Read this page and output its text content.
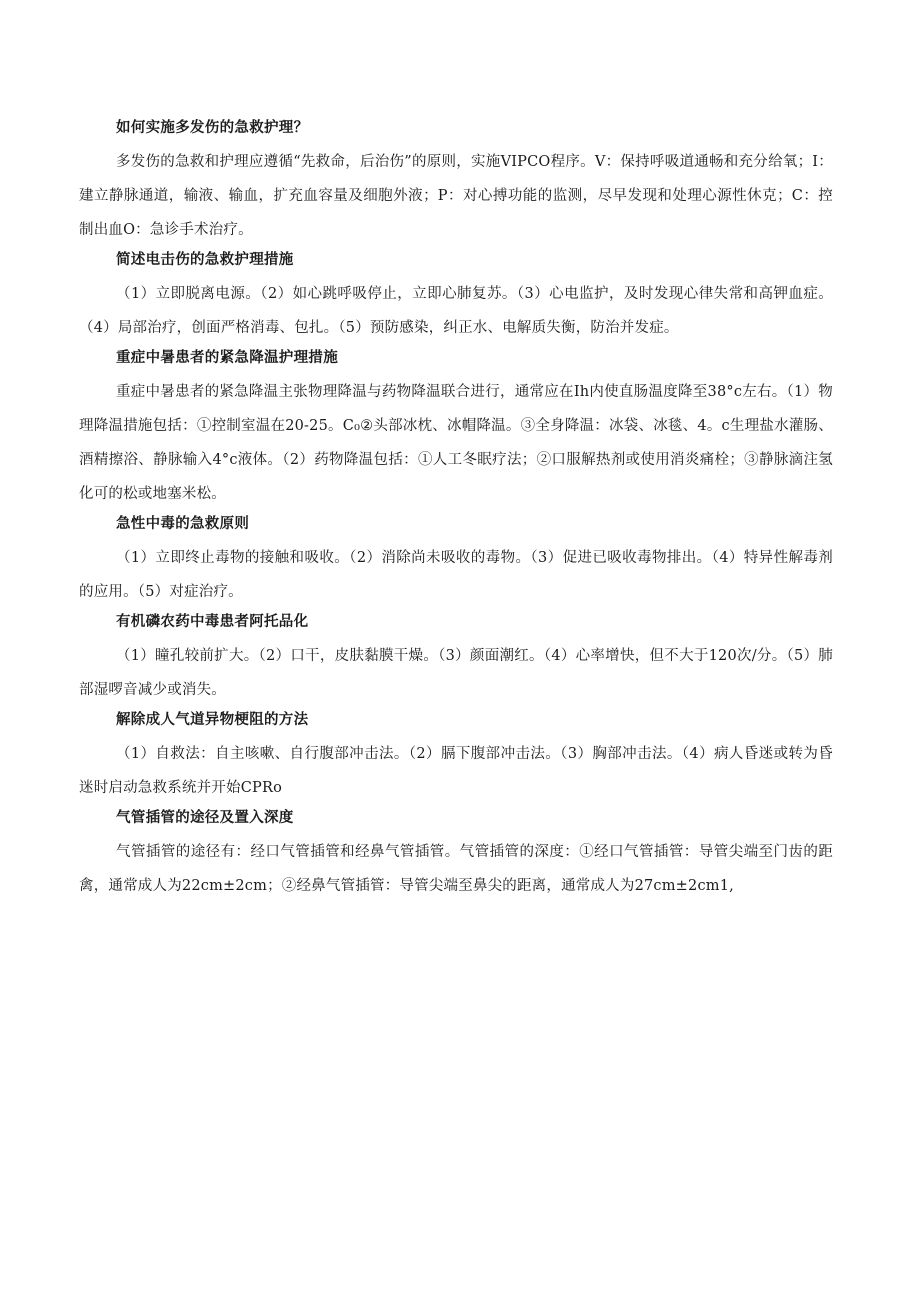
如何实施多发伤的急救护理？

多发伤的急救和护理应遵循“先救命，后治伤”的原则，实施VIPCO程序。V：保持呼吸道通畅和充分给氧；I：建立静脉通道，输液、输血，扩充血容量及细胞外液；P：对心搏功能的监测，尽早发现和处理心源性休克；C：控制出血O：急诊手术治疗。

简述电击伤的急救护理措施

（1）立即脱离电源。（2）如心跳呼吸停止，立即心肺复苏。（3）心电监护，及时发现心律失常和高钾血症。（4）局部治疗，创面严格消毒、包扎。（5）预防感染，纠正水、电解质失衡，防治并发症。

重症中暑患者的紧急降温护理措施

重症中暑患者的紧急降温主张物理降温与药物降温联合进行，通常应在Ih内使直肠温度降至38°c左右。（1）物理降温措施包括：①控制室温在20-25。C₀②头部冰枕、冰帽降温。③全身降温：冰袋、冰毯、4。c生理盐水灌肠、酒精擦浴、静脉输入4°c液体。（2）药物降温包括：①人工冬眠疗法；②口服解热剂或使用消炎痛栓；③静脉滴注氢化可的松或地塞米松。

急性中毒的急救原则

（1）立即终止毒物的接触和吸收。（2）消除尚未吸收的毒物。（3）促进已吸收毒物排出。（4）特异性解毒剂的应用。（5）对症治疗。

有机磷农药中毒患者阿托品化

（1）瞳孔较前扩大。（2）口干，皮肤黏膜干燥。（3）颜面潮红。（4）心率增快，但不大于120次/分。（5）肺部湿啰音减少或消失。

解除成人气道异物梗阻的方法

（1）自救法：自主咳嗽、自行腹部冲击法。（2）膈下腹部冲击法。（3）胸部冲击法。（4）病人昏迷或转为昏迷时启动急救系统并开始CPRo

气管插管的途径及置入深度

气管插管的途径有：经口气管插管和经鼻气管插管。气管插管的深度：①经口气管插管：导管尖端至门齿的距禽，通常成人为22cm±2cm；②经鼻气管插管：导管尖端至鼻尖的距离，通常成人为27cm±2cm1,
